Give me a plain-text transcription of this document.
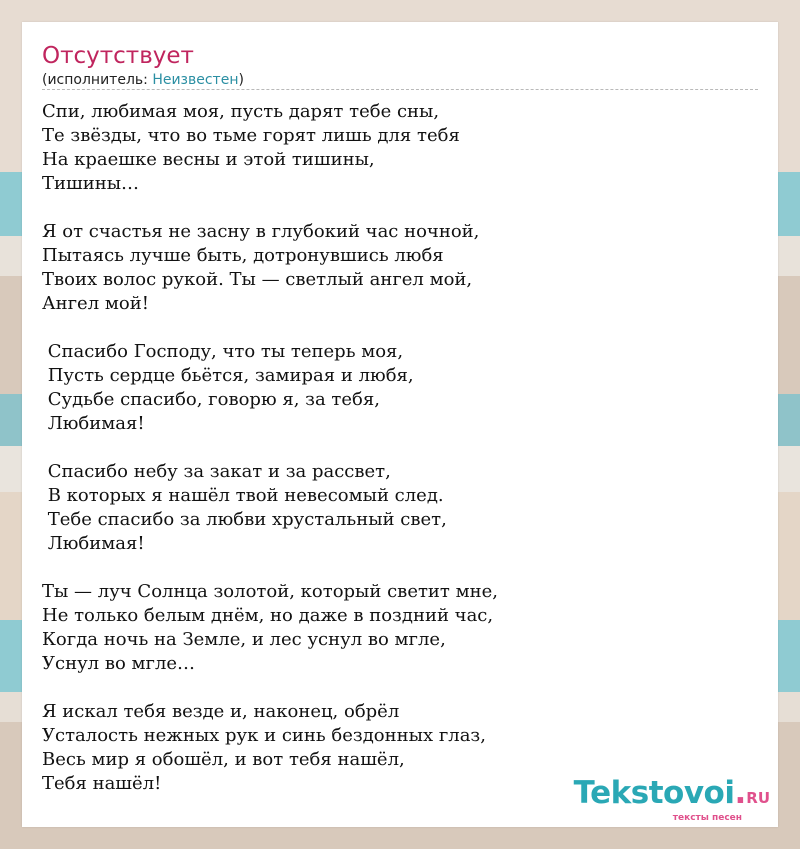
Отсутствует
(исполнитель: Неизвестен)
Спи, любимая моя, пусть дарят тебе сны,
Те звёзды, что во тьме горят лишь для тебя
На краешке весны и этой тишины,
Тишины…

Я от счастья не засну в глубокий час ночной,
Пытаясь лучше быть, дотронувшись любя
Твоих волос рукой. Ты — светлый ангел мой,
Ангел мой!

Спасибо Господу, что ты теперь моя,
Пусть сердце бьётся, замирая и любя,
Судьбе спасибо, говорю я, за тебя,
Любимая!

Спасибо небу за закат и за рассвет,
В которых я нашёл твой невесомый след.
Тебе спасибо за любви хрустальный свет,
Любимая!

Ты — луч Солнца золотой, который светит мне,
Не только белым днём, но даже в поздний час,
Когда ночь на Земле, и лес уснул во мгле,
Уснул во мгле…

Я искал тебя везде и, наконец, обрёл
Усталость нежных рук и синь бездонных глаз,
Весь мир я обошёл, и вот тебя нашёл,
Тебя нашёл!	Tekstovoi.RU
тексты песен
